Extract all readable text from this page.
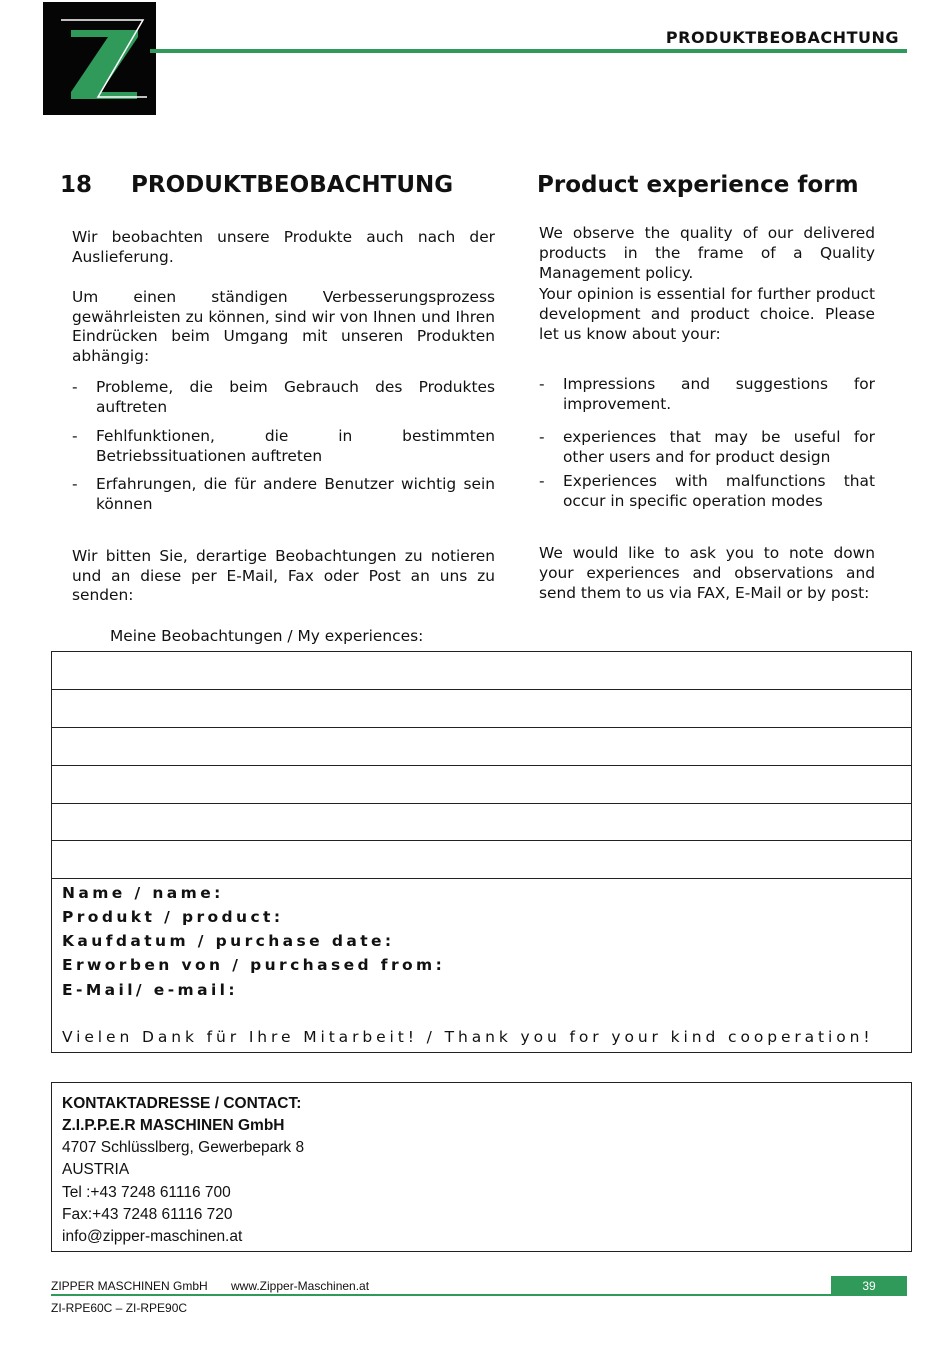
PRODUKTBEOBACHTUNG
18 PRODUKTBEOBACHTUNG	Product experience form
Wir beobachten unsere Produkte auch nach der Auslieferung.
Um einen ständigen Verbesserungsprozess gewährleisten zu können, sind wir von Ihnen und Ihren Eindrücken beim Umgang mit unseren Produkten abhängig:
- Probleme, die beim Gebrauch des Produktes auftreten
- Fehlfunktionen, die in bestimmten Betriebssituationen auftreten
- Erfahrungen, die für andere Benutzer wichtig sein können
Wir bitten Sie, derartige Beobachtungen zu notieren und an diese per E-Mail, Fax oder Post an uns zu senden:
We observe the quality of our delivered products in the frame of a Quality Management policy.
Your opinion is essential for further product development and product choice. Please let us know about your:
- Impressions and suggestions for improvement.
- experiences that may be useful for other users and for product design
- Experiences with malfunctions that occur in specific operation modes
We would like to ask you to note down your experiences and observations and send them to us via FAX, E-Mail or by post:
Meine Beobachtungen / My experiences:
Name / name:
Produkt / product:
Kaufdatum / purchase date:
Erworben von / purchased from:
E-Mail/ e-mail:
Vielen Dank für Ihre Mitarbeit! / Thank you for your kind cooperation!
KONTAKTADRESSE / CONTACT:
Z.I.P.P.E.R MASCHINEN GmbH
4707 Schlüsslberg, Gewerbepark 8
AUSTRIA
Tel :+43 7248 61116 700
Fax:+43 7248 61116 720
info@zipper-maschinen.at
ZIPPER MASCHINEN GmbH www.Zipper-Maschinen.at	39
ZI-RPE60C – ZI-RPE90C
